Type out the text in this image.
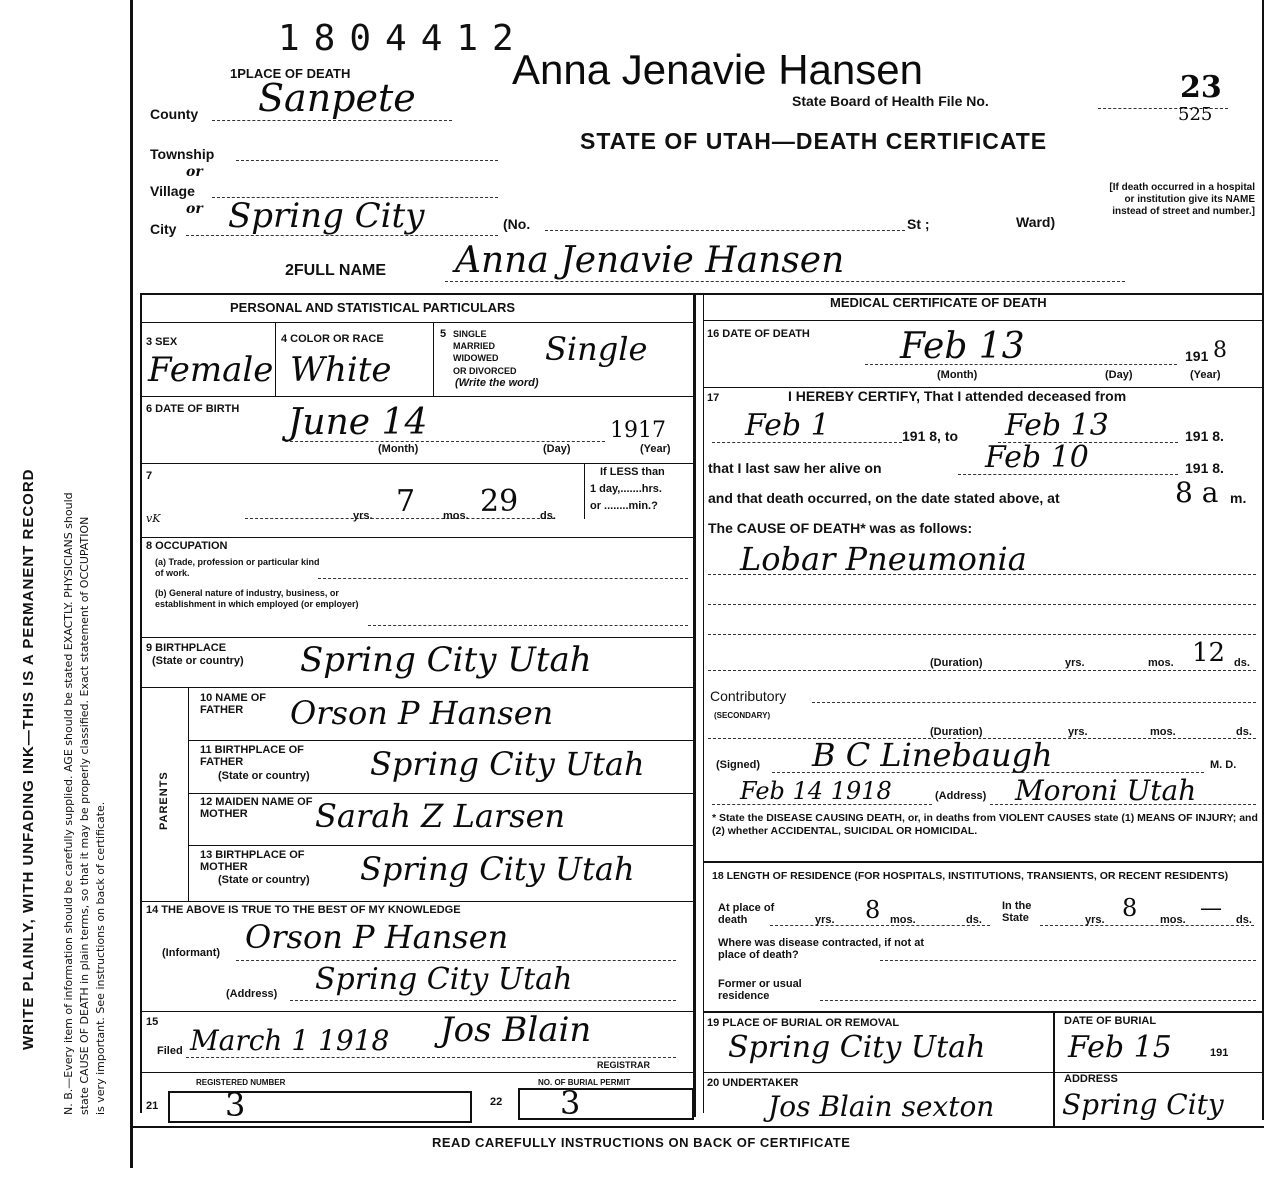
WRITE PLAINLY, WITH UNFADING INK—THIS IS A PERMANENT RECORD N. B.—Every item of information should be carefully supplied. AGE should be stated EXACTLY. PHYSICIANS should state CAUSE OF DEATH in plain terms, so that it may be properly classified. Exact statement of OCCUPATION is very important. See instructions on back of certificate.
1804412
Anna Jenavie Hansen
1PLACE OF DEATH
State Board of Health File No.	23
525
STATE OF UTAH—DEATH CERTIFICATE
[If death occurred in a hospital or institution give its NAME instead of street and number.]
County Sanpete
Township
or
Village
or
City Spring City	(No.	St ;	Ward)
2FULL NAME Anna Jenavie Hansen
PERSONAL AND STATISTICAL PARTICULARS	MEDICAL CERTIFICATE OF DEATH
3 SEX
Female
4 COLOR OR RACE
White
5 SINGLE
MARRIED
WIDOWED
OR DIVORCED
(Write the word)
Single
6 DATE OF BIRTH June 14	1917
(Month)	(Day)	(Year)
7
vK	yrs. 7	mos. 29 ds.
If LESS than
1 day,.......hrs.
or ........min.?
8 OCCUPATION
(a) Trade, profession or particular kind of work.
(b) General nature of industry, business, or establishment in which employed (or employer)
9 BIRTHPLACE
(State or country) Spring City Utah
PARENTS
10 NAME OF FATHER	Orson P Hansen
11 BIRTHPLACE OF FATHER
(State or country) Spring City Utah
12 MAIDEN NAME OF MOTHER	Sarah Z Larsen
13 BIRTHPLACE OF MOTHER
(State or country) Spring City Utah
14 THE ABOVE IS TRUE TO THE BEST OF MY KNOWLEDGE
(Informant) Orson P Hansen
(Address) Spring City Utah
15
Filed March 1 1918 Jos Blain
REGISTRAR
REGISTERED NUMBER
21 3
NO. OF BURIAL PERMIT
22 3
16 DATE OF DEATH	Feb 13	191 8
(Month)	(Day)	(Year)
17	I HEREBY CERTIFY, That I attended deceased from
Feb 1	191 8, to Feb 13	191 8.
that I last saw her alive on	Feb 10	191 8.
and that death occurred, on the date stated above, at	8 a m.
The CAUSE OF DEATH* was as follows:
Lobar Pneumonia
(Duration)	yrs.	mos. 12 ds.
Contributory
(SECONDARY)
(Duration)	yrs.	mos.	ds.
(Signed) B C Linebaugh	M. D.
Feb 14 1918	(Address) Moroni Utah
* State the DISEASE CAUSING DEATH, or, in deaths from VIOLENT CAUSES state (1) MEANS OF INJURY; and (2) whether ACCIDENTAL, SUICIDAL OR HOMICIDAL.
18 LENGTH OF RESIDENCE (FOR HOSPITALS, INSTITUTIONS, TRANSIENTS, OR RECENT RESIDENTS)
At place of death	yrs. 8 mos.	ds.
In the State	yrs. 8 mos. — ds.
Where was disease contracted, if not at place of death?
Former or usual residence
19 PLACE OF BURIAL OR REMOVAL
Spring City Utah
DATE OF BURIAL
Feb 15	191
20 UNDERTAKER
Jos Blain sexton
ADDRESS
Spring City
READ CAREFULLY INSTRUCTIONS ON BACK OF CERTIFICATE
